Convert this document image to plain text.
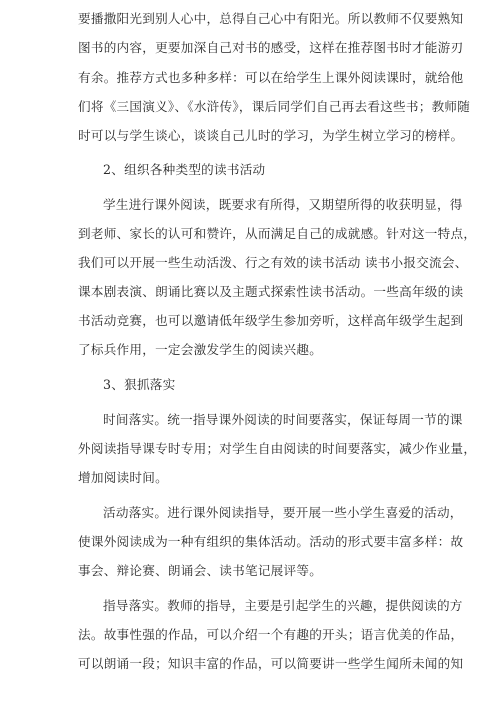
要播撒阳光到别人心中，总得自己心中有阳光。所以教师不仅要熟知
图书的内容，更要加深自己对书的感受，这样在推荐图书时才能游刃
有余。推荐方式也多种多样：可以在给学生上课外阅读课时，就给他
们将《三国演义》、《水浒传》，课后同学们自己再去看这些书；教师随
时可以与学生谈心，谈谈自己儿时的学习，为学生树立学习的榜样。
2、组织各种类型的读书活动
学生进行课外阅读，既要求有所得，又期望所得的收获明显，得
到老师、家长的认可和赞许，从而满足自己的成就感。针对这一特点，
我们可以开展一些生动活泼、行之有效的读书活动 读书小报交流会、
课本剧表演、朗诵比赛以及主题式探索性读书活动。一些高年级的读
书活动竞赛，也可以邀请低年级学生参加旁听，这样高年级学生起到
了标兵作用，一定会激发学生的阅读兴趣。
3、狠抓落实
时间落实。统一指导课外阅读的时间要落实，保证每周一节的课
外阅读指导课专时专用；对学生自由阅读的时间要落实，减少作业量，
增加阅读时间。
活动落实。进行课外阅读指导，要开展一些小学生喜爱的活动，
使课外阅读成为一种有组织的集体活动。活动的形式要丰富多样：故
事会、辩论赛、朗诵会、读书笔记展评等。
指导落实。教师的指导，主要是引起学生的兴趣，提供阅读的方
法。故事性强的作品，可以介绍一个有趣的开头；语言优美的作品，
可以朗诵一段；知识丰富的作品，可以简要讲一些学生闻所未闻的知
